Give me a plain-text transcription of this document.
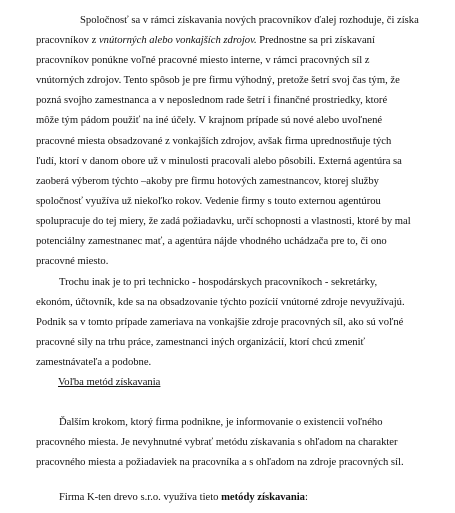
Spoločnosť sa v rámci získavania nových pracovníkov ďalej rozhoduje, či získa
pracovníkov z vnútorných alebo vonkajších zdrojov. Prednostne sa pri získavaní
pracovníkov ponúkne voľné pracovné miesto interne, v rámci pracovných síl z
vnútorných zdrojov. Tento spôsob je pre firmu výhodný, pretože šetrí svoj čas tým, že
pozná svojho zamestnanca a v neposlednom rade šetrí i finančné prostriedky, ktoré
môže tým pádom použiť na iné účely. V krajnom prípade sú nové alebo uvoľnené
pracovné miesta obsadzované z vonkajších zdrojov, avšak firma uprednostňuje tých
ľudí, ktorí v danom obore už v minulosti pracovali alebo pôsobili. Externá agentúra sa
zaoberá výberom týchto –akoby pre firmu hotových zamestnancov, ktorej služby
spoločnosť využíva už niekoľko rokov. Vedenie firmy s touto externou agentúrou
spolupracuje do tej miery, že zadá požiadavku, určí schopnosti a vlastnosti, ktoré by mal
potenciálny zamestnanec mať, a agentúra nájde vhodného uchádzača pre to, či ono
pracovné miesto.
Trochu inak je to pri technicko - hospodárskych pracovníkoch - sekretárky,
ekonóm, účtovník, kde sa na obsadzovanie týchto pozícií vnútorné zdroje nevyužívajú.
Podnik sa v tomto prípade zameriava na vonkajšie zdroje pracovných síl, ako sú voľné
pracovné sily na trhu práce, zamestnanci iných organizácií, ktorí chcú zmeniť
zamestnávateľa a podobne.
Voľba metód získavania
Ďalším krokom, ktorý firma podnikne, je informovanie o existencii voľného
pracovného miesta. Je nevyhnutné vybrať metódu získavania s ohľadom na charakter
pracovného miesta a požiadaviek na pracovníka a s ohľadom na zdroje pracovných síl.
Firma K-ten drevo s.r.o. využíva tieto metódy získavania:
